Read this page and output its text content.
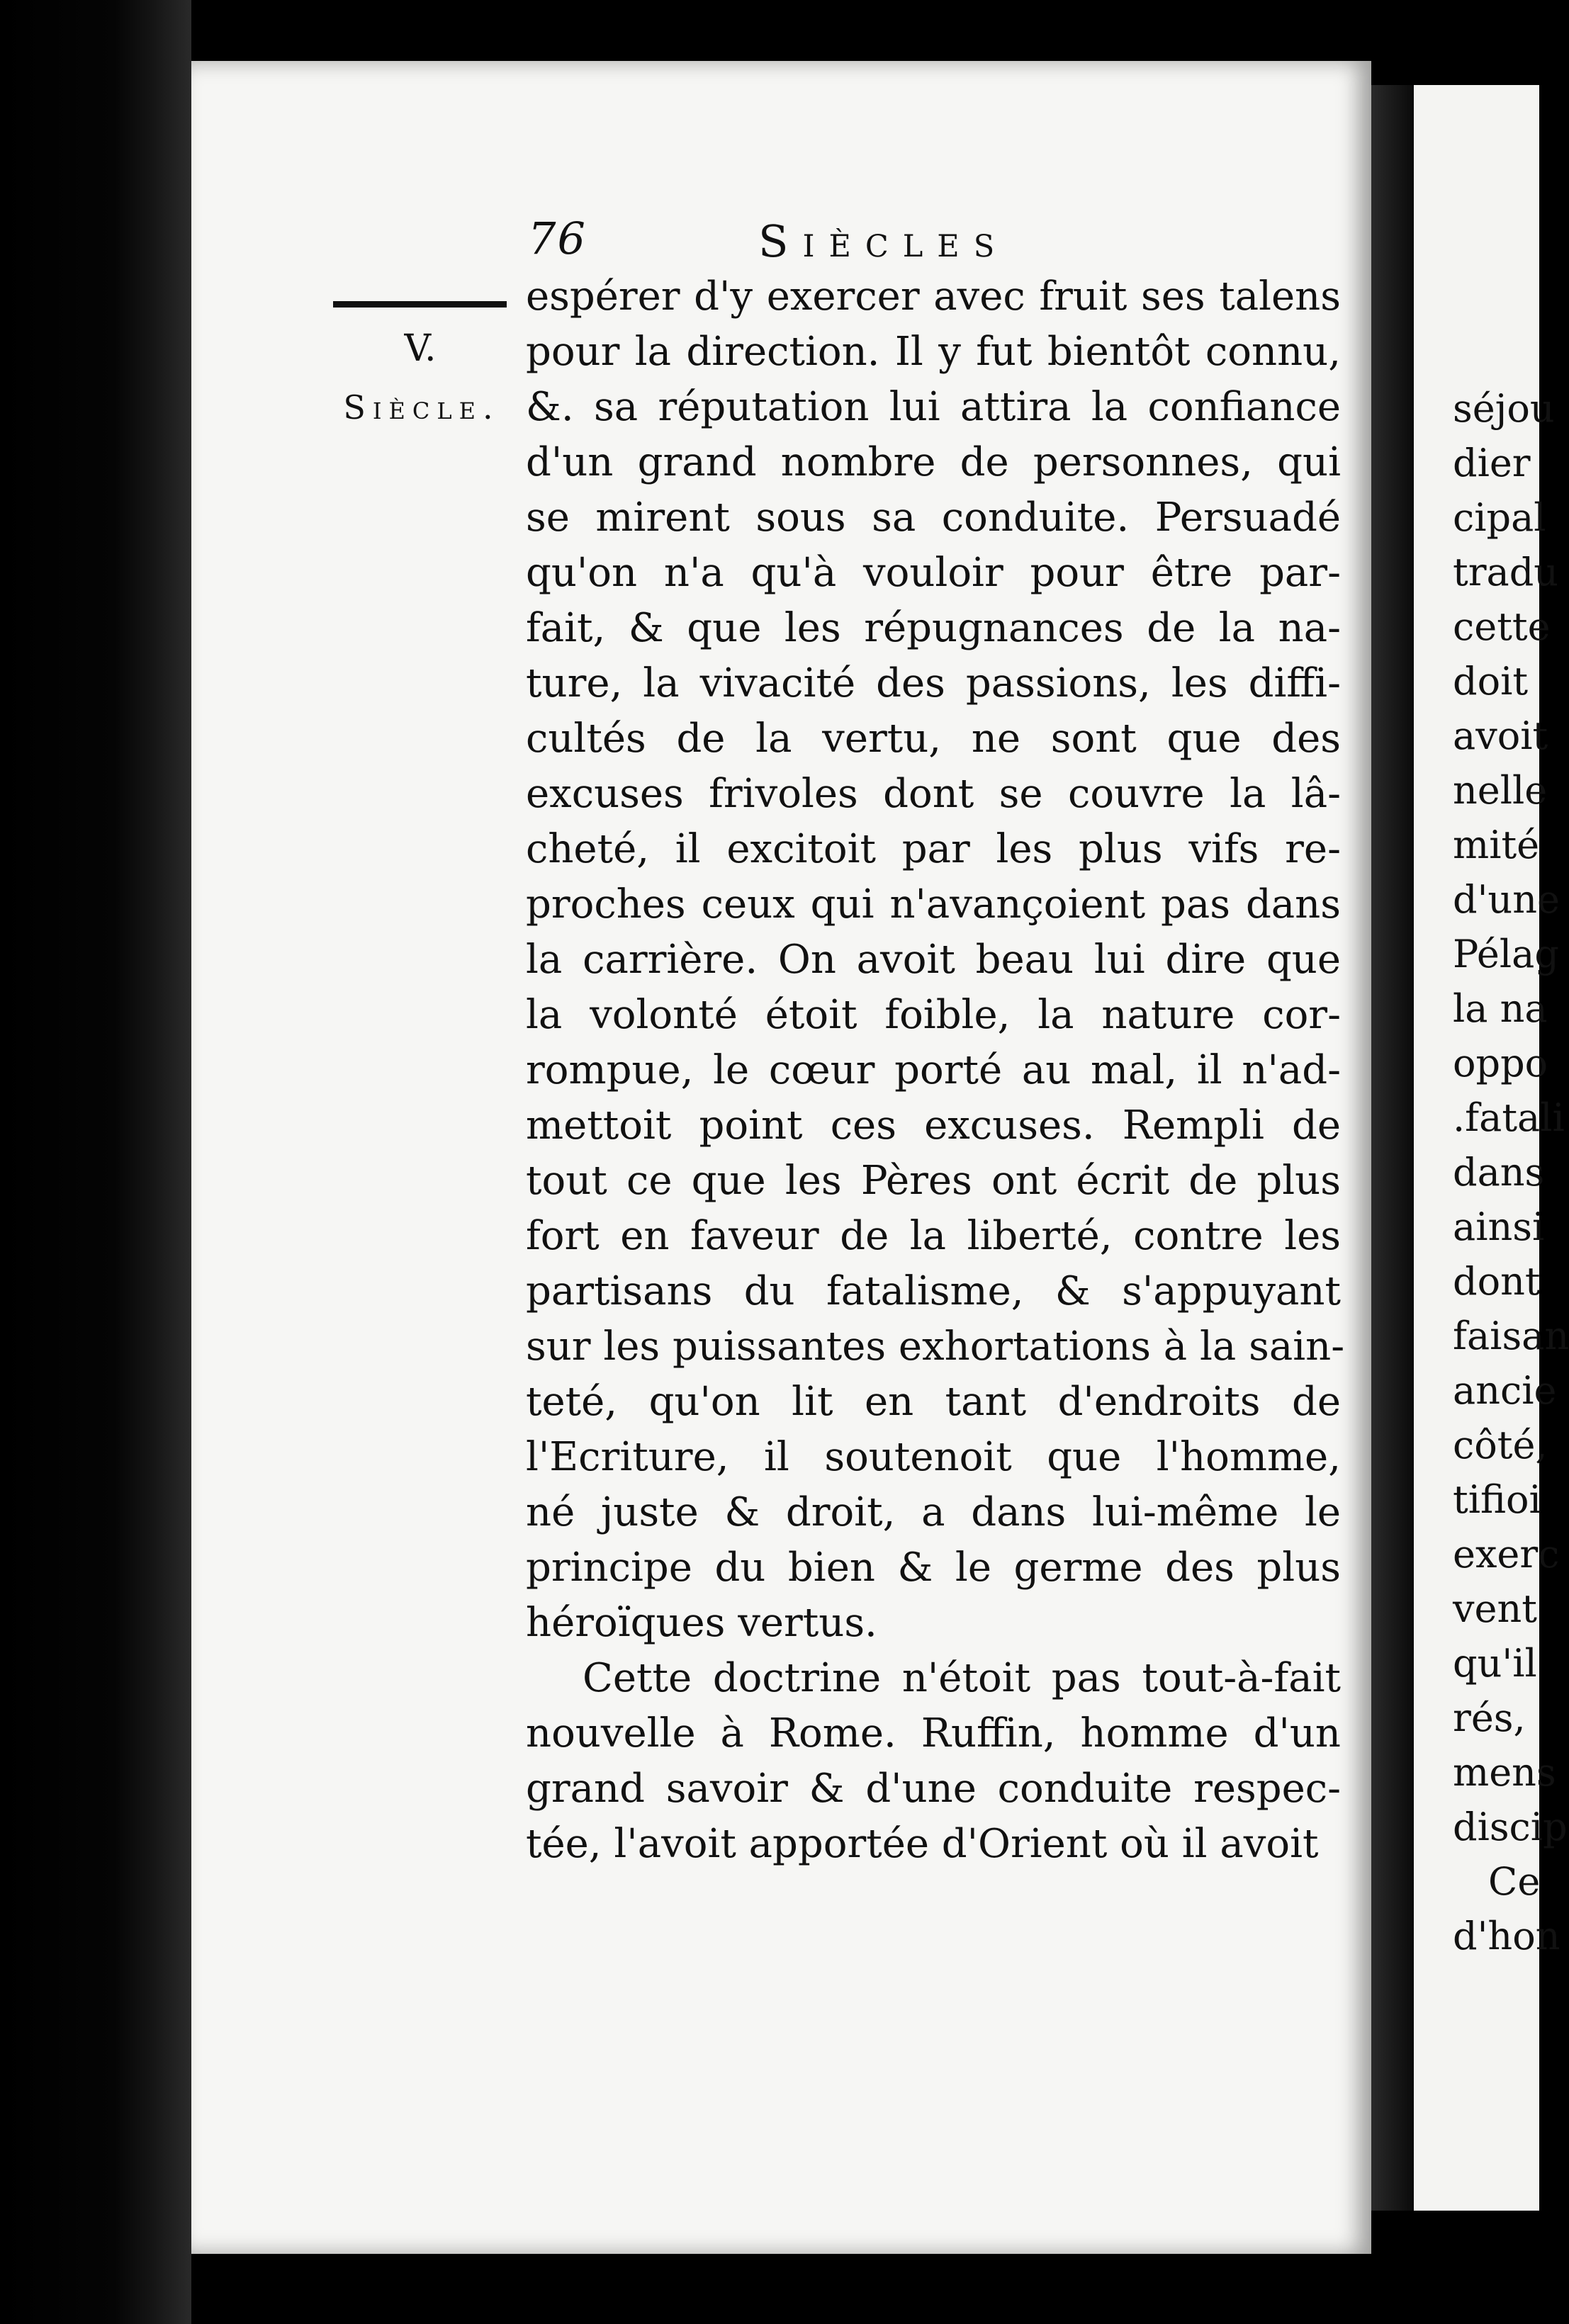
76	Siècles
V.
Siècle.
espérer d'y exercer avec fruit ses talens
pour la direction. Il y fut bientôt connu,
&. sa réputation lui attira la confiance
d'un grand nombre de personnes, qui
se mirent sous sa conduite. Persuadé
qu'on n'a qu'à vouloir pour être par-
fait, & que les répugnances de la na-
ture, la vivacité des passions, les diffi-
cultés de la vertu, ne sont que des
excuses frivoles dont se couvre la lâ-
cheté, il excitoit par les plus vifs re-
proches ceux qui n'avançoient pas dans
la carrière. On avoit beau lui dire que
la volonté étoit foible, la nature cor-
rompue, le cœur porté au mal, il n'ad-
mettoit point ces excuses. Rempli de
tout ce que les Pères ont écrit de plus
fort en faveur de la liberté, contre les
partisans du fatalisme, & s'appuyant
sur les puissantes exhortations à la sain-
teté, qu'on lit en tant d'endroits de
l'Ecriture, il soutenoit que l'homme,
né juste & droit, a dans lui-même le
principe du bien & le germe des plus
héroïques vertus.
Cette doctrine n'étoit pas tout-à-fait
nouvelle à Rome. Ruffin, homme d'un
grand savoir & d'une conduite respec-
tée, l'avoit apportée d'Orient où il avoit
séjou
dier
cipal
tradu
cette
doit
avoit
nelle
mité
d'une
Pélag
la na
oppo
.fatali
dans
ainsi
dont
faisan
ancie
côté,
tifioi
exerc
vent
qu'il
rés,
mens
discip
Ce
d'hon
